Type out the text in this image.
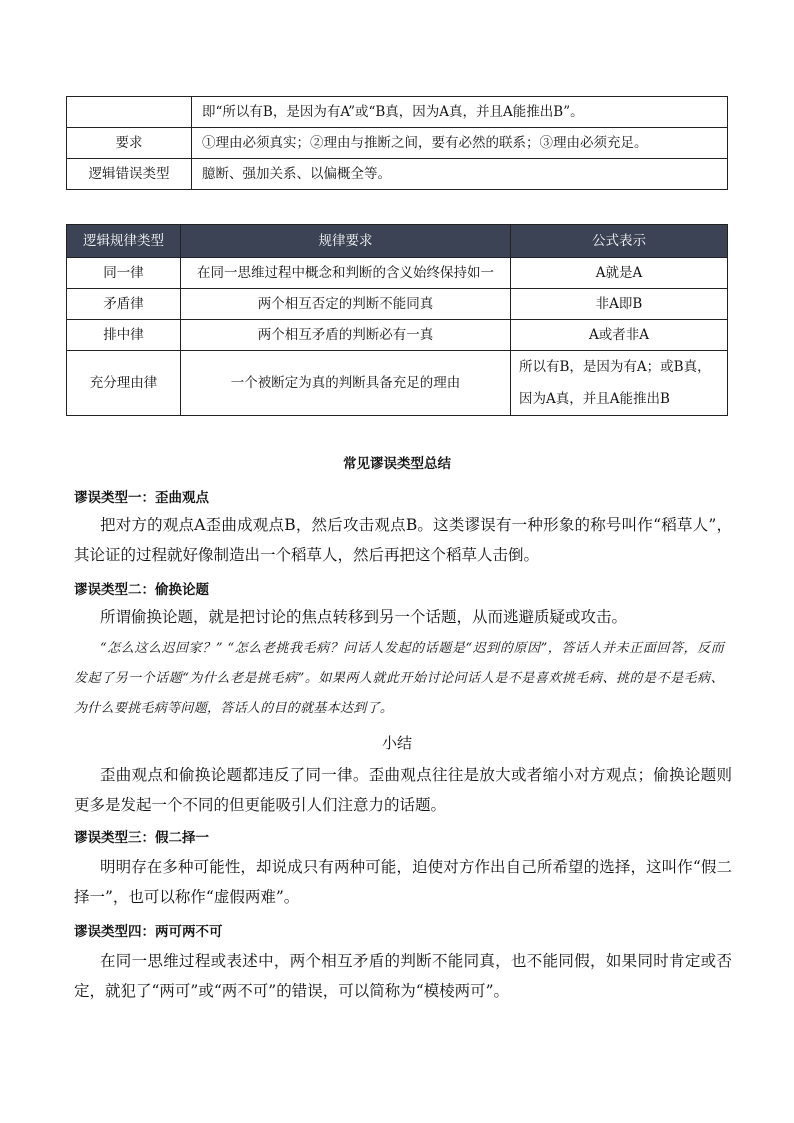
	即“所以有B，是因为有A”或“B真，因为A真，并且A能推出B”。
要求	①理由必须真实；②理由与推断之间，要有必然的联系；③理由必须充足。
逻辑错误类型	臆断、强加关系、以偏概全等。
逻辑规律类型	规律要求	公式表示
同一律	在同一思维过程中概念和判断的含义始终保持如一	A就是A
矛盾律	两个相互否定的判断不能同真	非A即B
排中律	两个相互矛盾的判断必有一真	A或者非A
充分理由律	一个被断定为真的判断具备充足的理由	所以有B，是因为有A；或B真，
因为A真，并且A能推出B
常见谬误类型总结
谬误类型一：歪曲观点
把对方的观点A歪曲成观点B，然后攻击观点B。这类谬误有一种形象的称号叫作“稻草人”，其论证的过程就好像制造出一个稻草人，然后再把这个稻草人击倒。
谬误类型二：偷换论题
所谓偷换论题，就是把讨论的焦点转移到另一个话题，从而逃避质疑或攻击。
“怎么这么迟回家？” “怎么老挑我毛病？问话人发起的话题是“迟到的原因”，答话人并未正面回答，反而发起了另一个话题“为什么老是挑毛病”。如果两人就此开始讨论问话人是不是喜欢挑毛病、挑的是不是毛病、为什么要挑毛病等问题，答话人的目的就基本达到了。
小结
歪曲观点和偷换论题都违反了同一律。歪曲观点往往是放大或者缩小对方观点；偷换论题则更多是发起一个不同的但更能吸引人们注意力的话题。
谬误类型三：假二择一
明明存在多种可能性，却说成只有两种可能，迫使对方作出自己所希望的选择，这叫作“假二择一”，也可以称作“虚假两难”。
谬误类型四：两可两不可
在同一思维过程或表述中，两个相互矛盾的判断不能同真，也不能同假，如果同时肯定或否定，就犯了“两可”或“两不可”的错误，可以简称为“模棱两可”。
